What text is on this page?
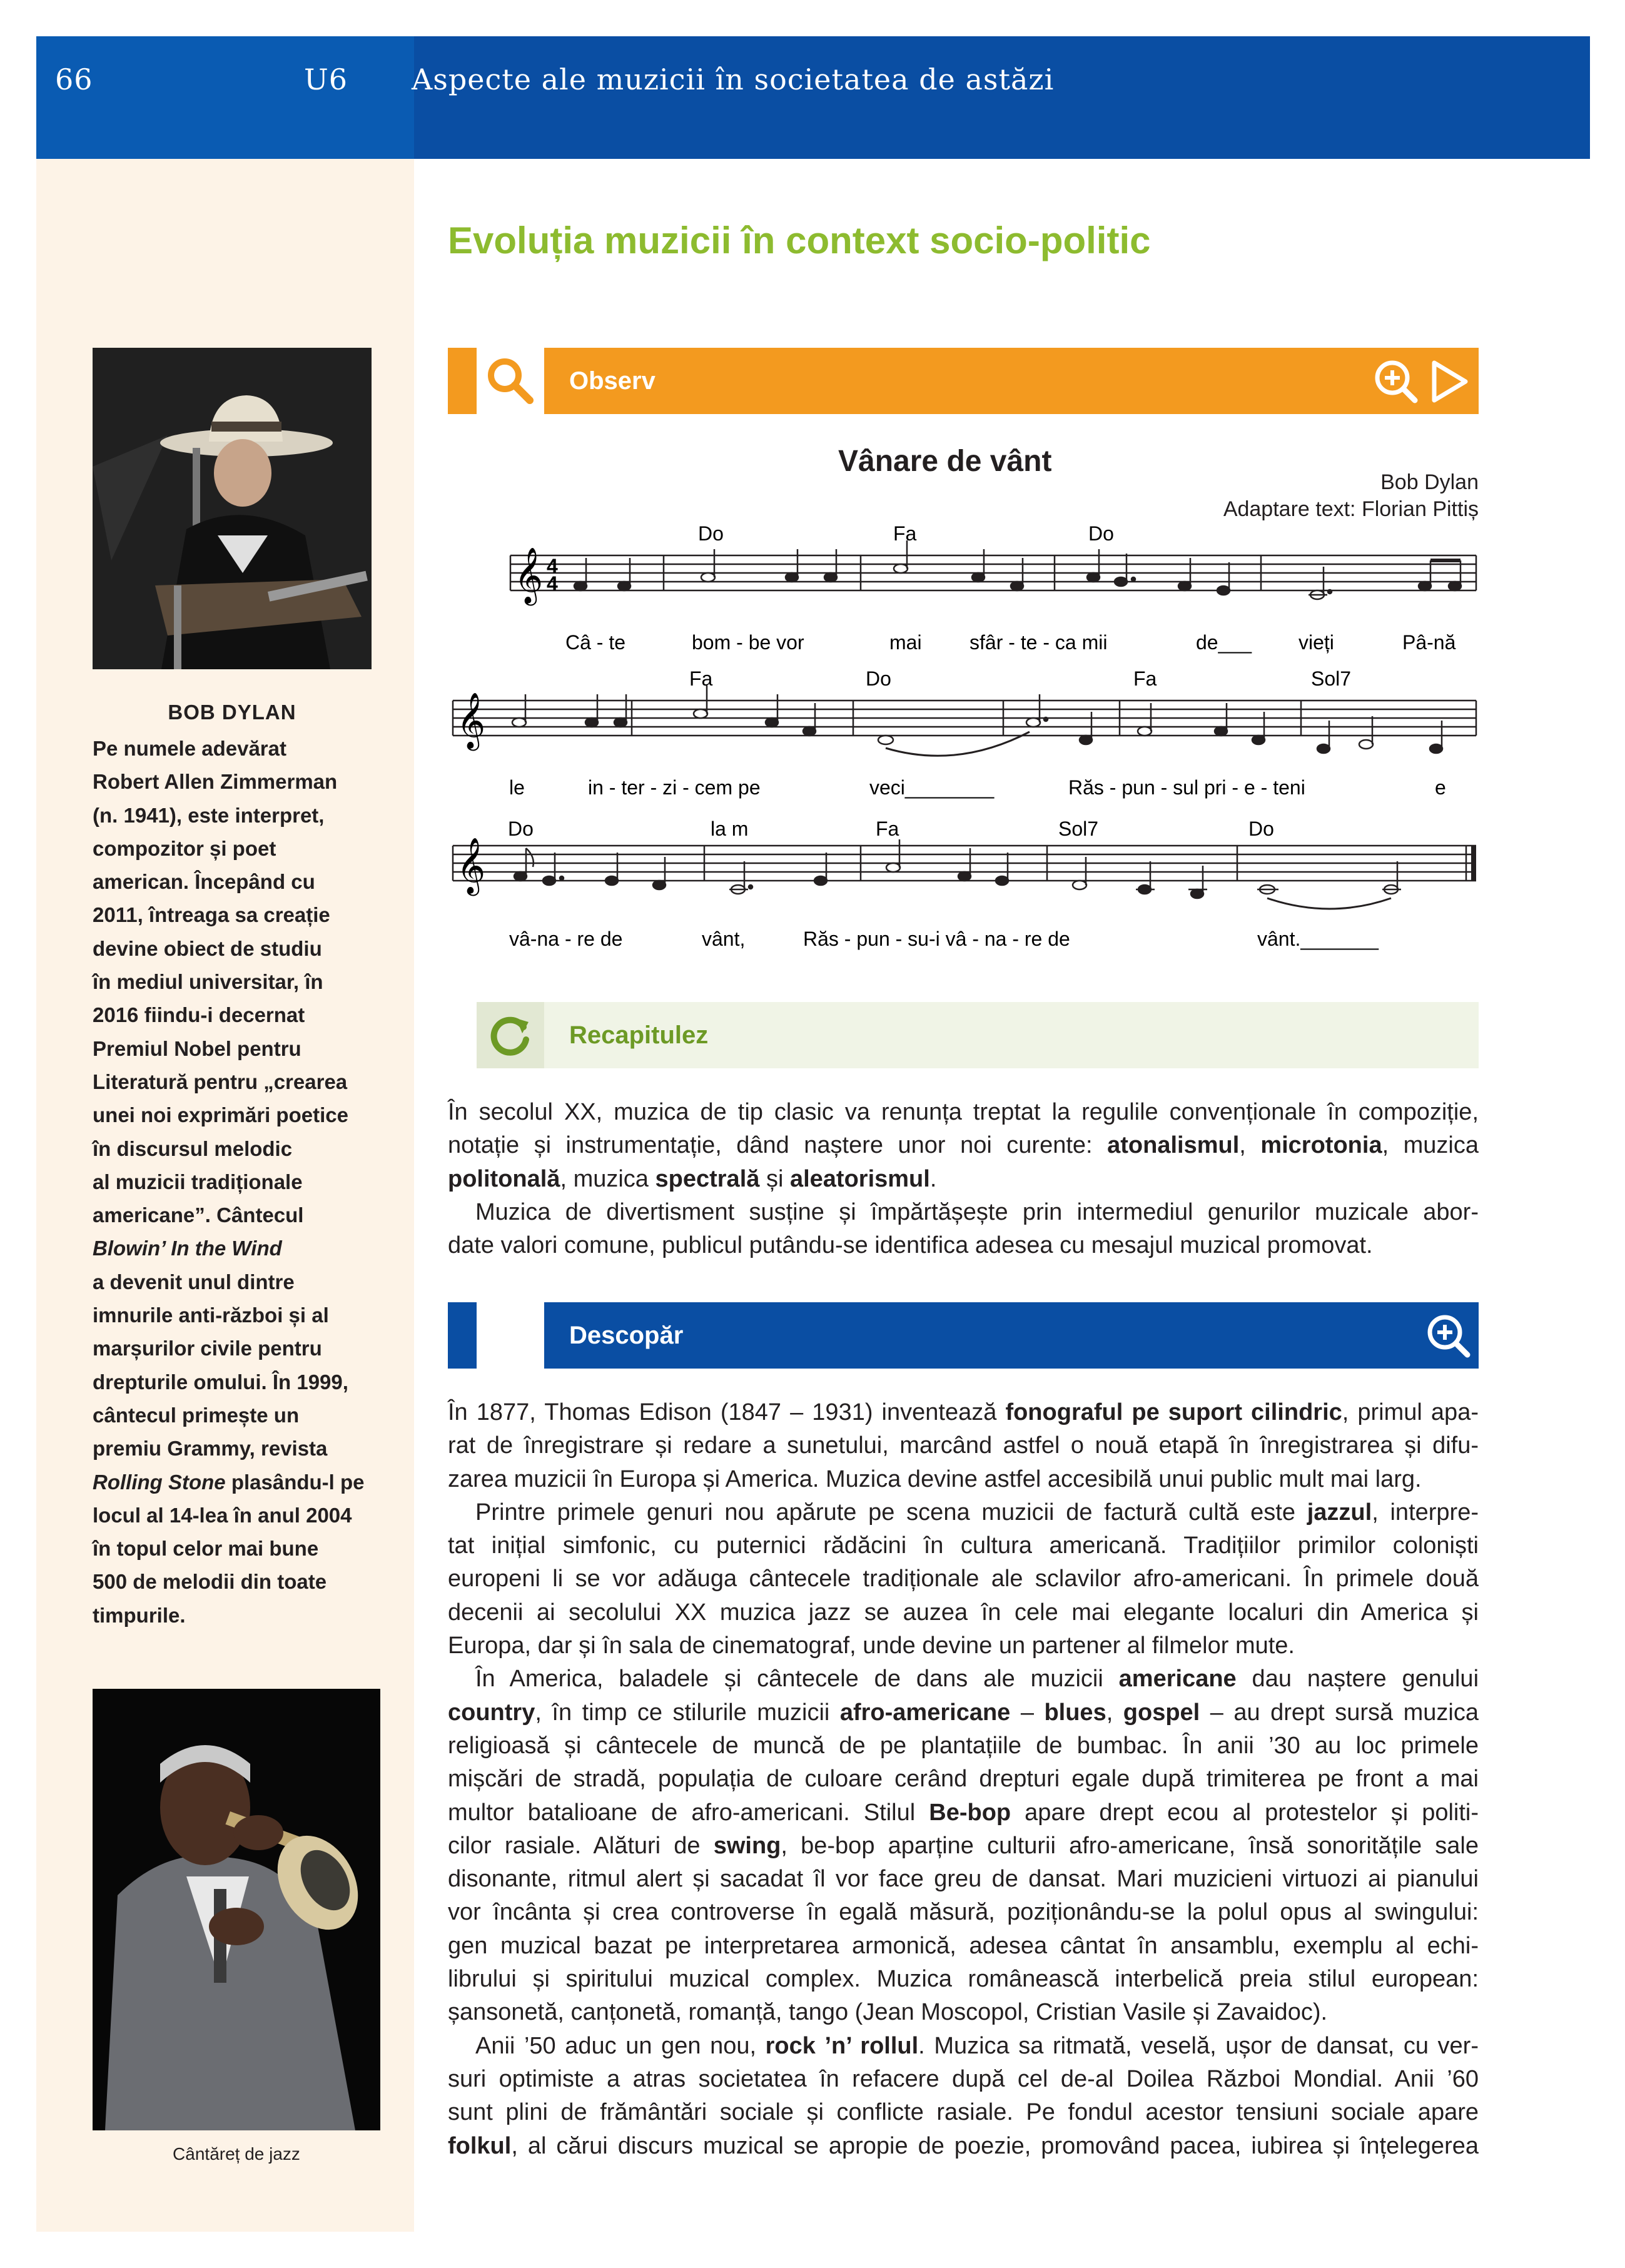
66	U6 Aspecte ale muzicii în societatea de astăzi
BOB DYLAN
Pe numele adevărat
Robert Allen Zimmerman
(n. 1941), este interpret,
compozitor și poet
american. Începând cu
2011, întreaga sa creație
devine obiect de studiu
în mediul universitar, în
2016 fiindu-i decernat
Premiul Nobel pentru
Literatură pentru „crearea
unei noi exprimări poetice
în discursul melodic
al muzicii tradiționale
americane”. Cântecul
Blowin’ In the Wind
a devenit unul dintre
imnurile anti-război și al
marșurilor civile pentru
drepturile omului. În 1999,
cântecul primește un
premiu Grammy, revista
Rolling Stone plasându-l pe
locul al 14-lea în anul 2004
în topul celor mai bune
500 de melodii din toate
timpurile.
Cântăreț de jazz
Evoluția muzicii în context socio-politic
Observ
Vânare de vânt
Bob Dylan
Adaptare text: Florian Pittiș
Do	Fa	Do
𝄞 4
4
Câ - te	bom - be vor	mai sfâr - te - ca mii	de___ vieți	Pâ-nă
Fa	Do	Fa	Sol7
𝄞
le	in - ter - zi - cem pe	veci________	Răs - pun - sul pri - e - teni	e
Do	la m	Fa	Sol7	Do
𝄞
vâ-na - re de	vânt,	Răs - pun - su-i vâ - na - re de	vânt._______
Recapitulez
În secolul XX, muzica de tip clasic va renunța treptat la regulile convenționale în compoziție,
notație și instrumentație, dând naștere unor noi curente: atonalismul, microtonia, muzica
politonală, muzica spectrală și aleatorismul.
Muzica de divertisment susține și împărtășește prin intermediul genurilor muzicale abor-
date valori comune, publicul putându-se identifica adesea cu mesajul muzical promovat.
Descopăr
În 1877, Thomas Edison (1847 – 1931) inventează fonograful pe suport cilindric, primul apa-
rat de înregistrare și redare a sunetului, marcând astfel o nouă etapă în înregistrarea și difu-
zarea muzicii în Europa și America. Muzica devine astfel accesibilă unui public mult mai larg.
Printre primele genuri nou apărute pe scena muzicii de factură cultă este jazzul, interpre-
tat inițial simfonic, cu puternici rădăcini în cultura americană. Tradițiilor primilor coloniști
europeni li se vor adăuga cântecele tradiționale ale sclavilor afro-americani. În primele două
decenii ai secolului XX muzica jazz se auzea în cele mai elegante localuri din America și
Europa, dar și în sala de cinematograf, unde devine un partener al filmelor mute.
În America, baladele și cântecele de dans ale muzicii americane dau naștere genului
country, în timp ce stilurile muzicii afro-americane – blues, gospel – au drept sursă muzica
religioasă și cântecele de muncă de pe plantațiile de bumbac. În anii ’30 au loc primele
mișcări de stradă, populația de culoare cerând drepturi egale după trimiterea pe front a mai
multor batalioane de afro-americani. Stilul Be-bop apare drept ecou al protestelor și politi-
cilor rasiale. Alături de swing, be-bop aparține culturii afro-americane, însă sonoritățile sale
disonante, ritmul alert și sacadat îl vor face greu de dansat. Mari muzicieni virtuozi ai pianului
vor încânta și crea controverse în egală măsură, poziționându-se la polul opus al swingului:
gen muzical bazat pe interpretarea armonică, adesea cântat în ansamblu, exemplu al echi-
librului și spiritului muzical complex. Muzica românească interbelică preia stilul european:
șansonetă, canțonetă, romanță, tango (Jean Moscopol, Cristian Vasile și Zavaidoc).
Anii ’50 aduc un gen nou, rock ’n’ rollul. Muzica sa ritmată, veselă, ușor de dansat, cu ver-
suri optimiste a atras societatea în refacere după cel de-al Doilea Război Mondial. Anii ’60
sunt plini de frământări sociale și conflicte rasiale. Pe fondul acestor tensiuni sociale apare
folkul, al cărui discurs muzical se apropie de poezie, promovând pacea, iubirea și înțelegerea
